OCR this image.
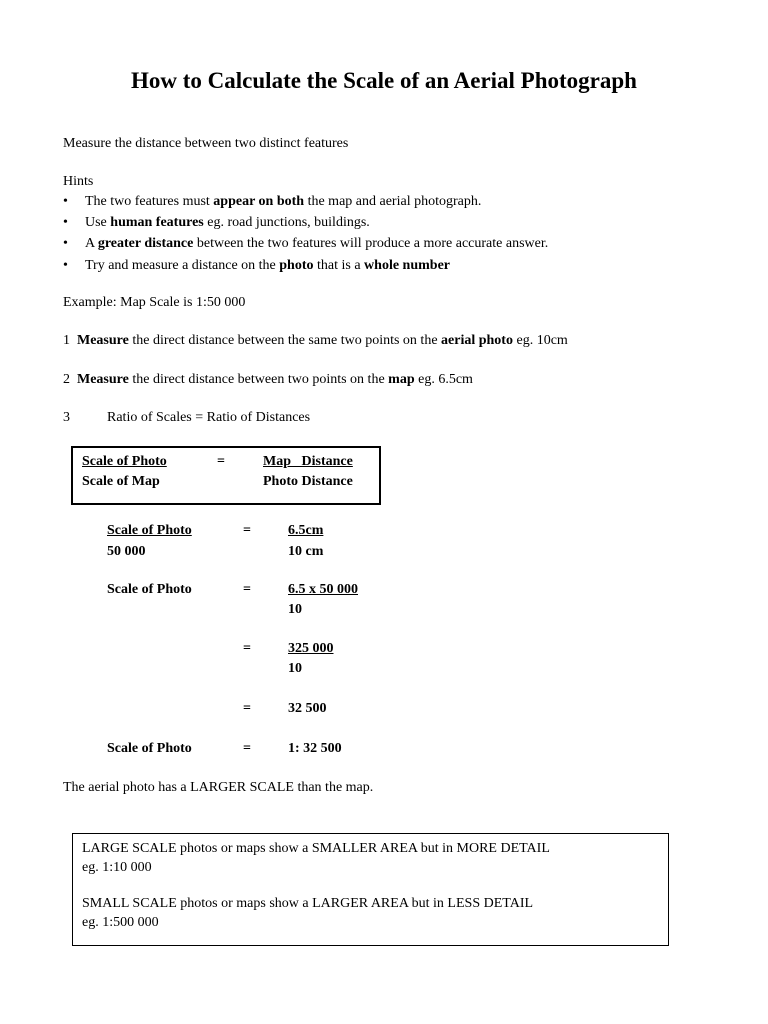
How to Calculate the Scale of an Aerial Photograph
Measure the distance between two distinct features
Hints
•	The two features must appear on both the map and aerial photograph.
•	Use human features eg. road junctions, buildings.
•	A greater distance between the two features will produce a more accurate answer.
•	Try and measure a distance on the photo that is a whole number
Example: Map Scale is 1:50 000
1 Measure the direct distance between the same two points on the aerial photo eg. 10cm
2 Measure the direct distance between two points on the map eg. 6.5cm
3	Ratio of Scales = Ratio of Distances
Scale of Photo
Scale of Map
=	Map   Distance
Photo Distance
Scale of Photo
50 000
=	6.5cm
10 cm
Scale of Photo	=	6.5 x 50 000
10
=	325 000
10
=	32 500
Scale of Photo	=	1: 32 500
The aerial photo has a LARGER SCALE than the map.
LARGE SCALE photos or maps show a SMALLER AREA but in MORE DETAIL
eg. 1:10 000
SMALL SCALE photos or maps show a LARGER AREA but in LESS DETAIL
eg. 1:500 000
